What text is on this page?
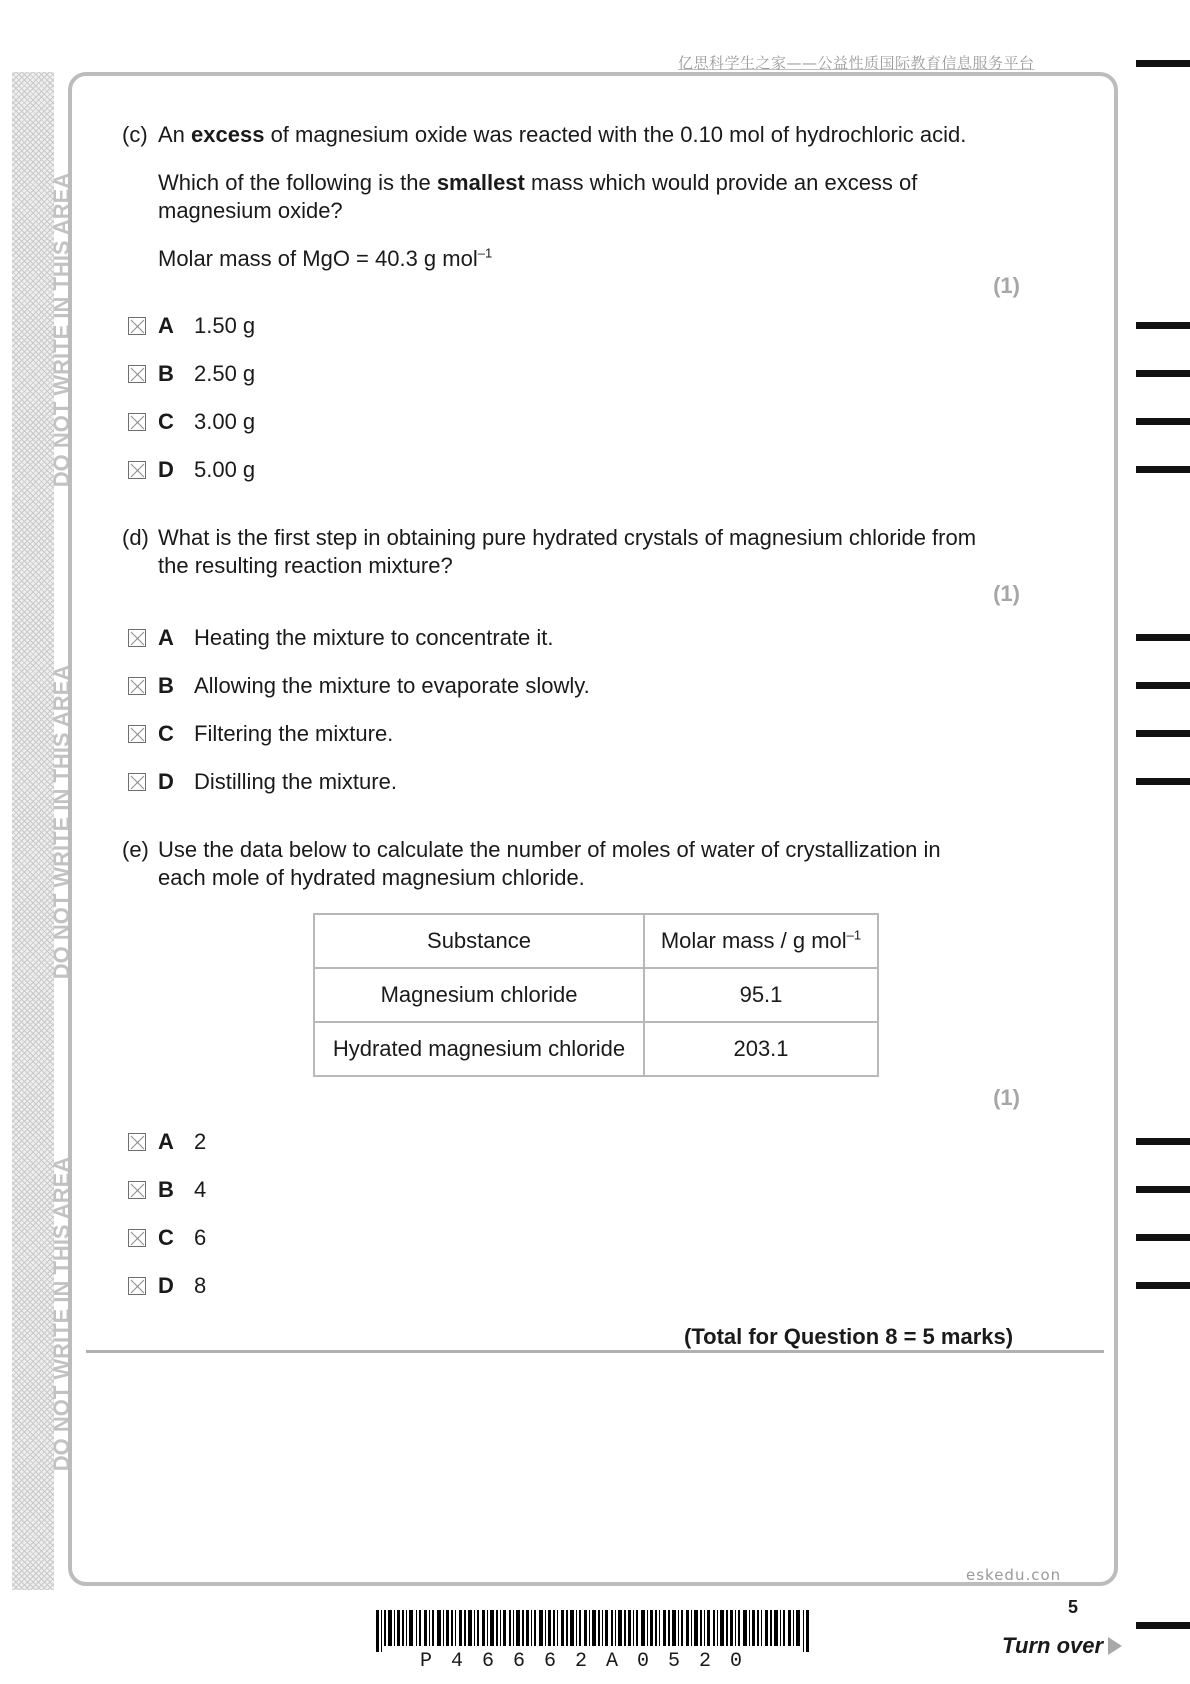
亿思科学生之家——公益性质国际教育信息服务平台
DO NOT WRITE IN THIS AREA
DO NOT WRITE IN THIS AREA
DO NOT WRITE IN THIS AREA
(c) An excess of magnesium oxide was reacted with the 0.10 mol of hydrochloric acid.
Which of the following is the smallest mass which would provide an excess of magnesium oxide?
Molar mass of MgO = 40.3 g mol$^{-1}$
(1)
A 1.50 g
B 2.50 g
C 3.00 g
D 5.00 g
(d) What is the first step in obtaining pure hydrated crystals of magnesium chloride from the resulting reaction mixture?
(1)
A Heating the mixture to concentrate it.
B Allowing the mixture to evaporate slowly.
C Filtering the mixture.
D Distilling the mixture.
(e) Use the data below to calculate the number of moles of water of crystallization in each mole of hydrated magnesium chloride.
Substance	Molar mass / g mol$^{-1}$
Magnesium chloride	95.1
Hydrated magnesium chloride	203.1
(1)
A 2
B 4
C 6
D 8
(Total for Question 8 = 5 marks)
eskedu.con
5
P46662A0520
Turn over
